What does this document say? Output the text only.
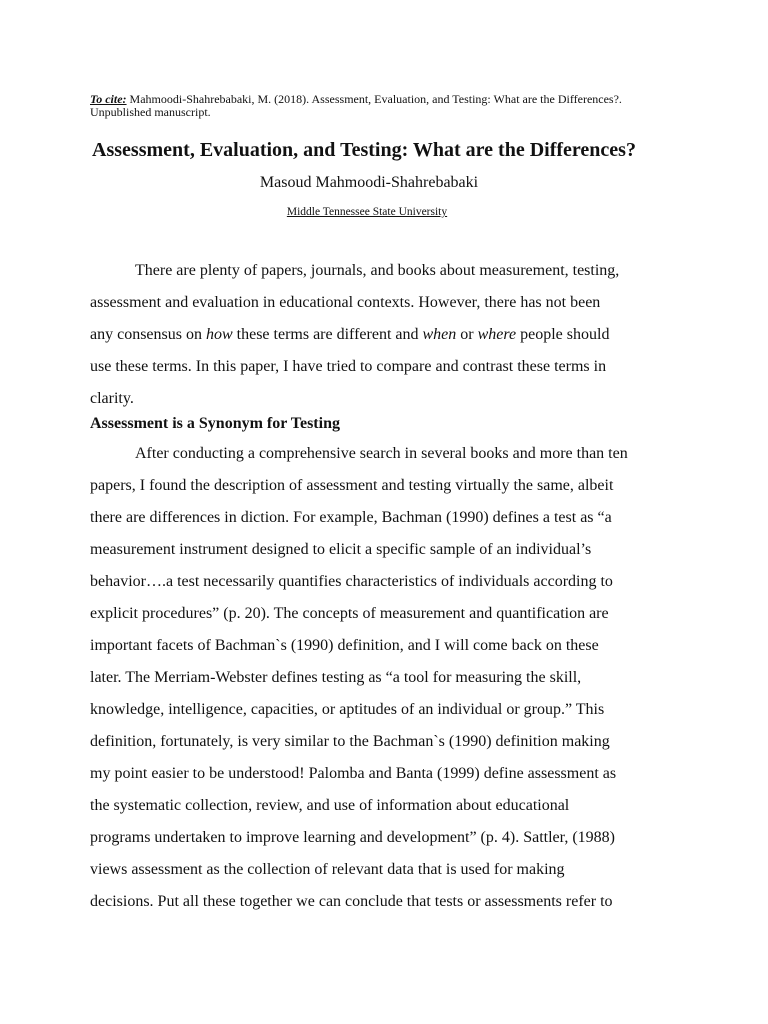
To cite: Mahmoodi-Shahrebabaki, M. (2018). Assessment, Evaluation, and Testing: What are the Differences?.
Unpublished manuscript.
Assessment, Evaluation, and Testing: What are the Differences?
Masoud Mahmoodi-Shahrebabaki
Middle Tennessee State University
There are plenty of papers, journals, and books about measurement, testing,
assessment and evaluation in educational contexts. However, there has not been
any consensus on how these terms are different and when or where people should
use these terms. In this paper, I have tried to compare and contrast these terms in
clarity.
Assessment is a Synonym for Testing
After conducting a comprehensive search in several books and more than ten
papers, I found the description of assessment and testing virtually the same, albeit
there are differences in diction. For example, Bachman (1990) defines a test as “a
measurement instrument designed to elicit a specific sample of an individual’s
behavior….a test necessarily quantifies characteristics of individuals according to
explicit procedures” (p. 20). The concepts of measurement and quantification are
important facets of Bachman`s (1990) definition, and I will come back on these
later. The Merriam-Webster defines testing as “a tool for measuring the skill,
knowledge, intelligence, capacities, or aptitudes of an individual or group.” This
definition, fortunately, is very similar to the Bachman`s (1990) definition making
my point easier to be understood! Palomba and Banta (1999) define assessment as
the systematic collection, review, and use of information about educational
programs undertaken to improve learning and development” (p. 4). Sattler, (1988)
views assessment as the collection of relevant data that is used for making
decisions. Put all these together we can conclude that tests or assessments refer to
